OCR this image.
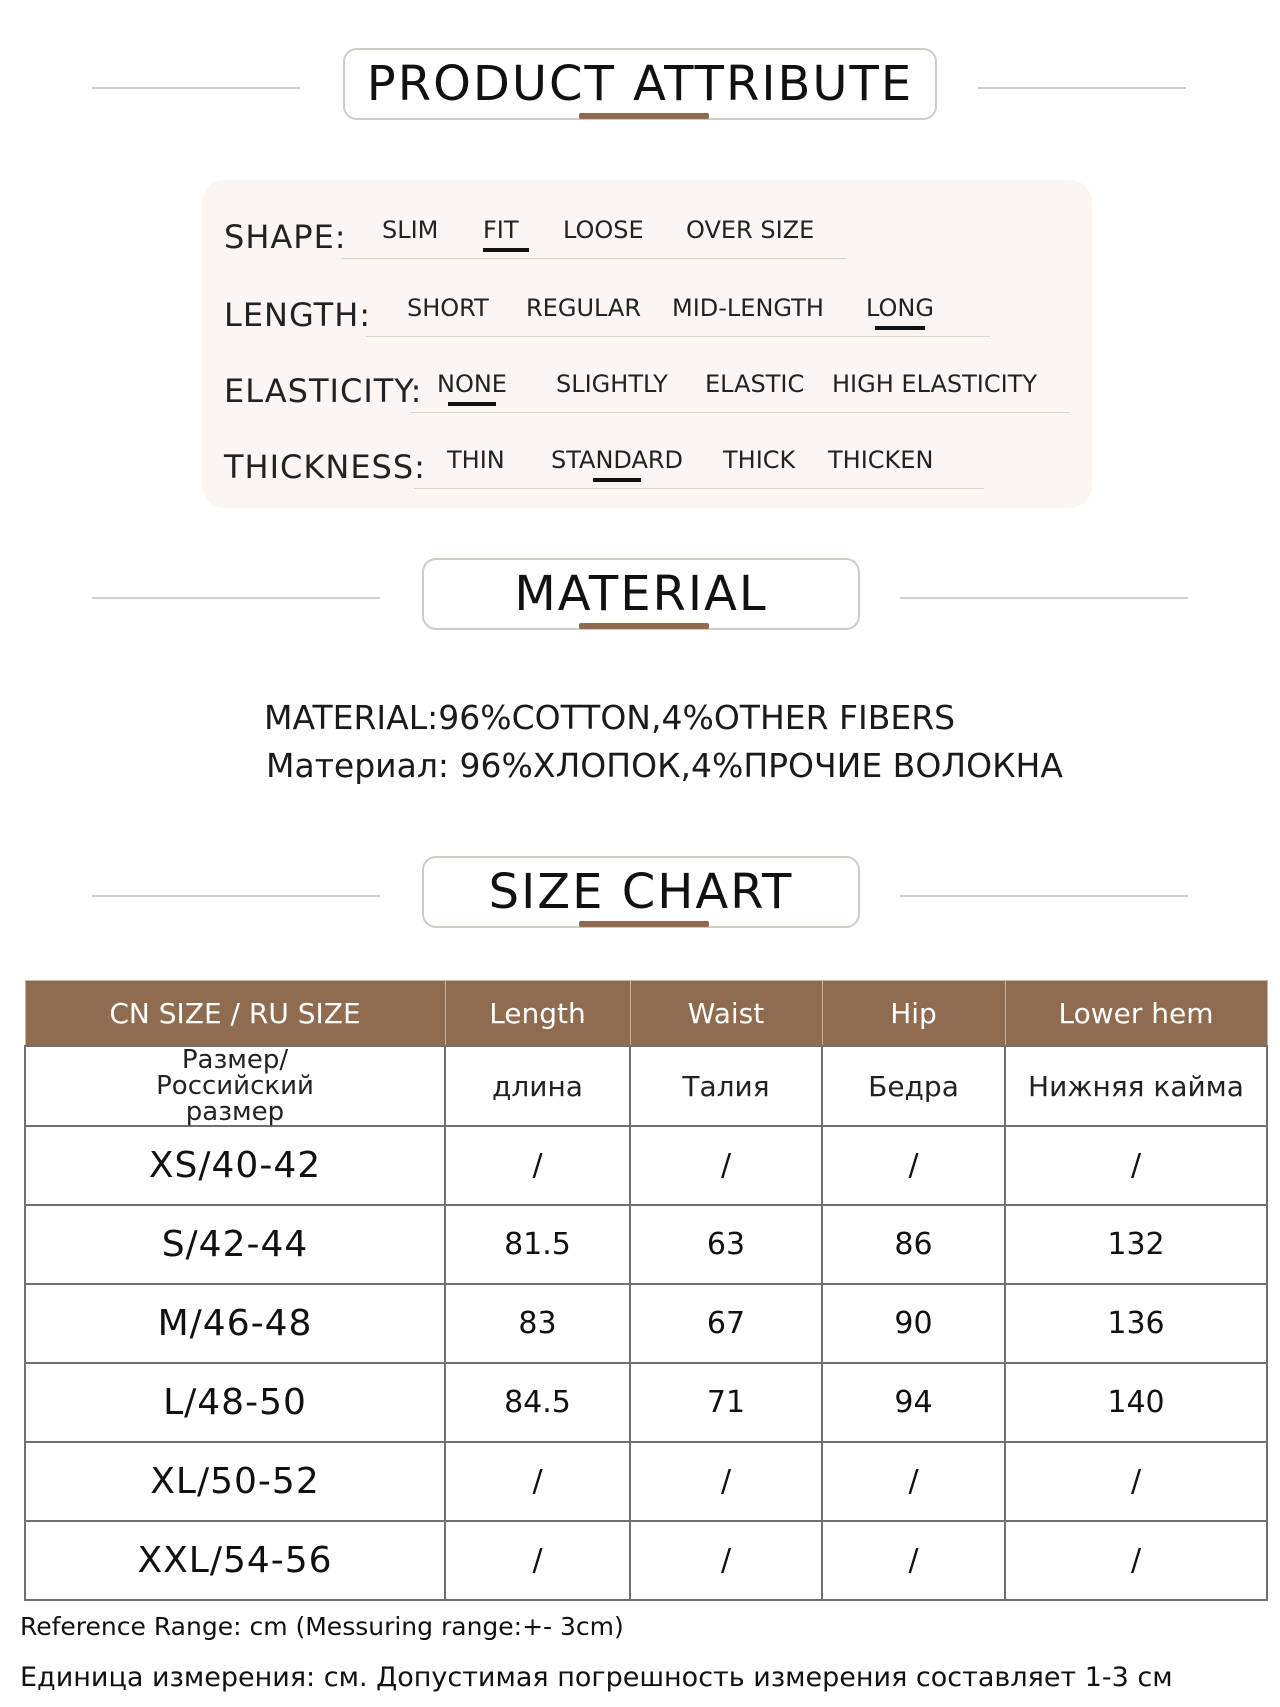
PRODUCT ATTRIBUTE
SHAPE: SLIM FIT	LOOSE OVER SIZE
LENGTH: SHORT REGULAR MID-LENGTH LONG
ELASTICITY: NONE SLIGHTLY ELASTIC HIGH ELASTICITY
THICKNESS: THIN STANDARD THICK THICKEN
MATERIAL
MATERIAL:96%COTTON,4%OTHER FIBERS
Материал: 96%ХЛОПОК,4%ПРОЧИЕ ВОЛОКНА
SIZE CHART
CN SIZE / RU SIZE	Length	Waist	Hip	Lower hem
Размер/Российский размер	длина	Талия	Бедра	Нижняя кайма
XS/40-42	/	/	/	/
S/42-44	81.5	63	86	132
M/46-48	83	67	90	136
L/48-50	84.5	71	94	140
XL/50-52	/	/	/	/
XXL/54-56	/	/	/	/
Reference Range: cm (Messuring range:+- 3cm)
Единица измерения: см. Допустимая погрешность измерения составляет 1-3 см
